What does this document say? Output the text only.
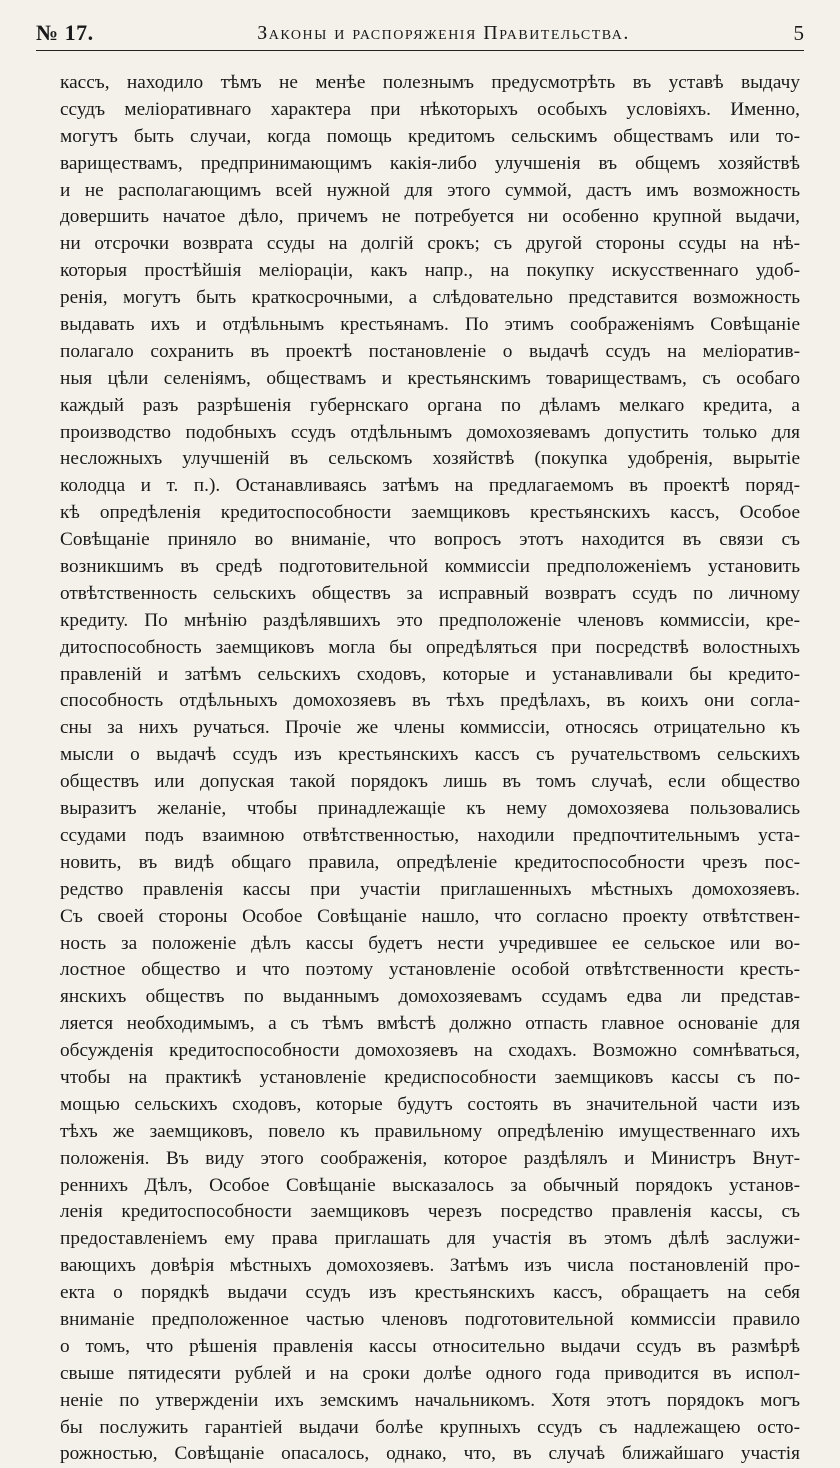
№ 17.	Законы и распоряженія Правительства.	5
кассъ, находило тѣмъ не менѣе полезнымъ предусмотрѣть въ уставѣ выдачу
ссудъ меліоративнаго характера при нѣкоторыхъ особыхъ условіяхъ. Именно,
могутъ быть случаи, когда помощь кредитомъ сельскимъ обществамъ или то-
вариществамъ, предпринимающимъ какія-либо улучшенія въ общемъ хозяйствѣ
и не располагающимъ всей нужной для этого суммой, дастъ имъ возможность
довершить начатое дѣло, причемъ не потребуется ни особенно крупной выдачи,
ни отсрочки возврата ссуды на долгій срокъ; съ другой стороны ссуды на нѣ-
которыя простѣйшія меліораціи, какъ напр., на покупку искусственнаго удоб-
ренія, могутъ быть краткосрочными, а слѣдовательно представится возможность
выдавать ихъ и отдѣльнымъ крестьянамъ. По этимъ соображеніямъ Совѣщаніе
полагало сохранить въ проектѣ постановленіе о выдачѣ ссудъ на меліоратив-
ныя цѣли селеніямъ, обществамъ и крестьянскимъ товариществамъ, съ особаго
каждый разъ разрѣшенія губернскаго органа по дѣламъ мелкаго кредита, а
производство подобныхъ ссудъ отдѣльнымъ домохозяевамъ допустить только для
несложныхъ улучшеній въ сельскомъ хозяйствѣ (покупка удобренія, вырытіе
колодца и т. п.). Останавливаясь затѣмъ на предлагаемомъ въ проектѣ поряд-
кѣ опредѣленія кредитоспособности заемщиковъ крестьянскихъ кассъ, Особое
Совѣщаніе приняло во вниманіе, что вопросъ этотъ находится въ связи съ
возникшимъ въ средѣ подготовительной коммиссіи предположеніемъ установить
отвѣтственность сельскихъ обществъ за исправный возвратъ ссудъ по личному
кредиту. По мнѣнію раздѣлявшихъ это предположеніе членовъ коммиссіи, кре-
дитоспособность заемщиковъ могла бы опредѣляться при посредствѣ волостныхъ
правленій и затѣмъ сельскихъ сходовъ, которые и устанавливали бы кредито-
способность отдѣльныхъ домохозяевъ въ тѣхъ предѣлахъ, въ коихъ они согла-
сны за нихъ ручаться. Прочіе же члены коммиссіи, относясь отрицательно къ
мысли о выдачѣ ссудъ изъ крестьянскихъ кассъ съ ручательствомъ сельскихъ
обществъ или допуская такой порядокъ лишь въ томъ случаѣ, если общество
выразитъ желаніе, чтобы принадлежащіе къ нему домохозяева пользовались
ссудами подъ взаимною отвѣтственностью, находили предпочтительнымъ уста-
новить, въ видѣ общаго правила, опредѣленіе кредитоспособности чрезъ пос-
редство правленія кассы при участіи приглашенныхъ мѣстныхъ домохозяевъ.
Съ своей стороны Особое Совѣщаніе нашло, что согласно проекту отвѣтствен-
ность за положеніе дѣлъ кассы будетъ нести учредившее ее сельское или во-
лостное общество и что поэтому установленіе особой отвѣтственности кресть-
янскихъ обществъ по выданнымъ домохозяевамъ ссудамъ едва ли представ-
ляется необходимымъ, а съ тѣмъ вмѣстѣ должно отпасть главное основаніе для
обсужденія кредитоспособности домохозяевъ на сходахъ. Возможно сомнѣваться,
чтобы на практикѣ установленіе кредиспособности заемщиковъ кассы съ по-
мощью сельскихъ сходовъ, которые будутъ состоять въ значительной части изъ
тѣхъ же заемщиковъ, повело къ правильному опредѣленію имущественнаго ихъ
положенія. Въ виду этого соображенія, которое раздѣлялъ и Министръ Внут-
реннихъ Дѣлъ, Особое Совѣщаніе высказалось за обычный порядокъ установ-
ленія кредитоспособности заемщиковъ черезъ посредство правленія кассы, съ
предоставленіемъ ему права приглашать для участія въ этомъ дѣлѣ заслужи-
вающихъ довѣрія мѣстныхъ домохозяевъ. Затѣмъ изъ числа постановленій про-
екта о порядкѣ выдачи ссудъ изъ крестьянскихъ кассъ, обращаетъ на себя
вниманіе предположенное частью членовъ подготовительной коммиссіи правило
о томъ, что рѣшенія правленія кассы относительно выдачи ссудъ въ размѣрѣ
свыше пятидесяти рублей и на сроки долѣе одного года приводится въ испол-
неніе по утвержденіи ихъ земскимъ начальникомъ. Хотя этотъ порядокъ могъ
бы послужить гарантіей выдачи болѣе крупныхъ ссудъ съ надлежащею осто-
рожностью, Совѣщаніе опасалось, однако, что, въ случаѣ ближайшаго участія
